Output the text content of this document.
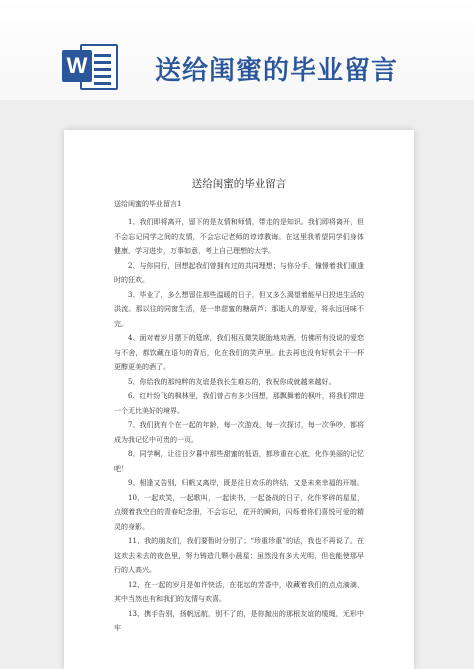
W	送给闺蜜的毕业留言
送给闺蜜的毕业留言
送给闺蜜的毕业留言1

1、我们即将离开，留下的是友情和师情，带走的是知识。我们即将离开，但不会忘记同学之间的友情，不会忘记老师的谆谆教诲。在这里我希望同学们身体健康，学习进步，万事如意，考上自己理想的大学。

2、与你同行，回想起我们曾拥有过的共同理想；与你分手，憧憬着我们重逢时的狂欢。

3、毕业了，多么想留住那些温暖的日子，但又多么渴望着能早日投进生活的洪流。那以往的同窗生活，是一串甜蜜的糖葫芦；那逝人的厚爱，将永远回味不完。

4、面对着岁月摆下的筵席，我们相互微笑脱胎地劝酒，仿佛所有没说的爱恋与不舍，都饮藏在语句的背后，化在我们的笑声里。此去再也没有好机会干一杯更醇更美的酒了。

5、你给我的那纯粹的友谊是我长生难忘的，我祝你成就越来越好。

6、红叶纷飞的枫林里，我们曾占有多少回想，那飘舞着的枫叶，将我们带进一个无比美好的境界。

7、我们犹有个在一起的年龄，每一次游戏，每一次探讨，每一次争吵，都将成为我记忆中可贵的一页。

8、同学啊，让往日夕暮中那些甜蜜的低语，都珍重在心底，化作美丽的记忆吧！

9、相逢又告别，归帆又离岸，既是往日欢乐的终结，又是未来幸福的开端。

10、一起欢笑，一起歌叫，一起读书，一起备战的日子，化作零碎的星星，点缀着我空白的青春纪念册，不会忘记，花开的瞬间，闪烁着你们喜悦可爱的精灵的身影。

11、我的朋友们，我们要暂时分别了；“珍重珍重”的话，我也不再说了。在这欢去未去的夜色里，努力铸造几颗小晨星；虽然没有多大光明，但也能使那早行的人高兴。

12、在一起的岁月是如许快活，在花坛的芳香中，收藏着我们的点点滴滴，其中当然也有和我们的友情与欢喜。

13、携手告别，扬帆远航，别不了的，是你抛出的那根友谊的缆绳，无形中牢
